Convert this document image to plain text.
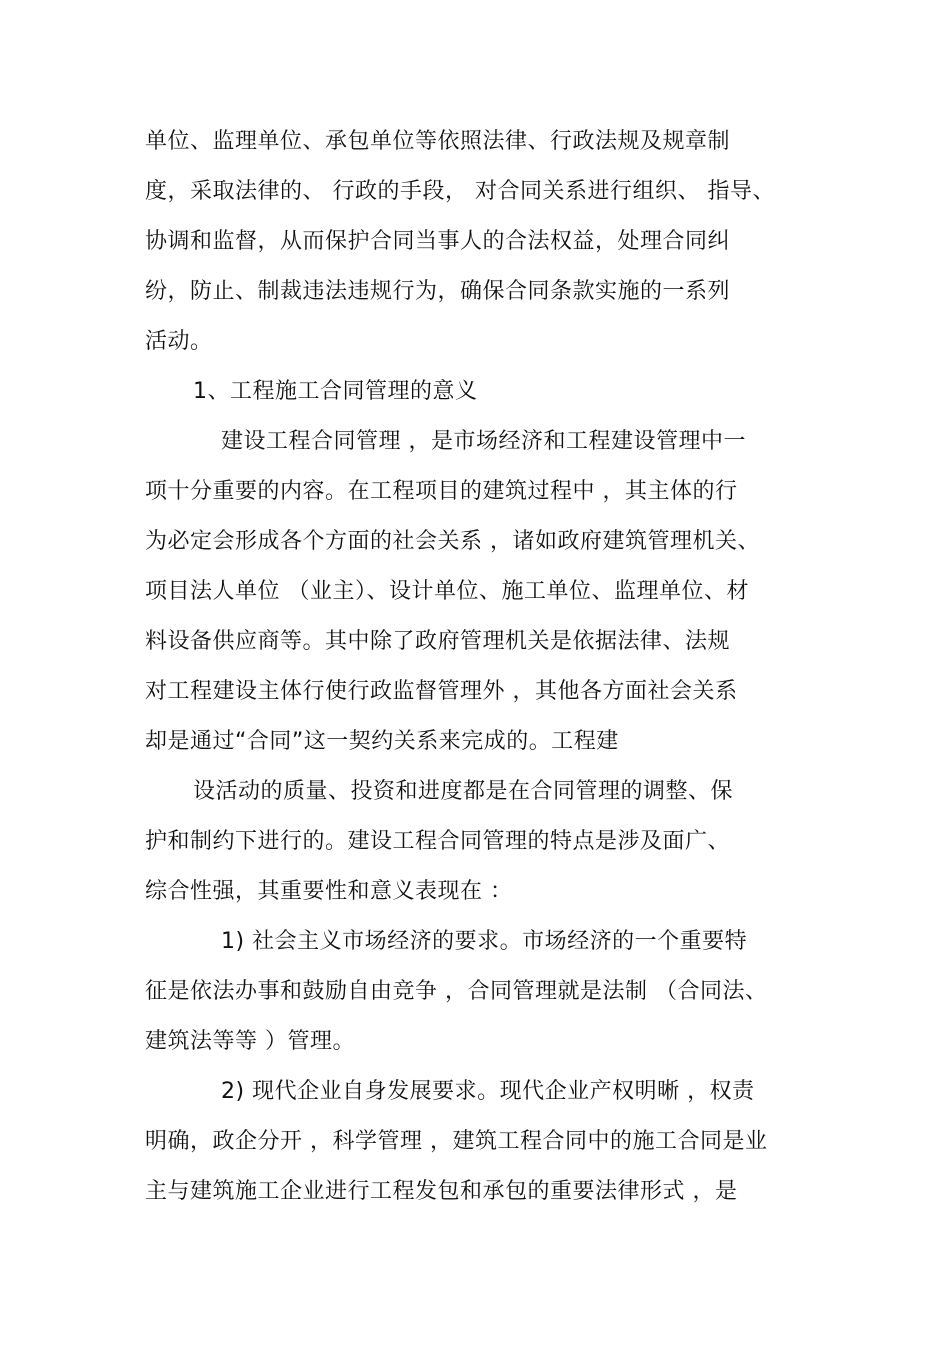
单位、监理单位、承包单位等依照法律、行政法规及规章制
度，采取法律的、 行政的手段， 对合同关系进行组织、 指导、
协调和监督，从而保护合同当事人的合法权益，处理合同纠
纷，防止、制裁违法违规行为，确保合同条款实施的一系列
活动。
1、工程施工合同管理的意义
建设工程合同管理 ，是市场经济和工程建设管理中一
项十分重要的内容。在工程项目的建筑过程中 ，其主体的行
为必定会形成各个方面的社会关系 ，诸如政府建筑管理机关、
项目法人单位 （业主）、设计单位、施工单位、监理单位、材
料设备供应商等。其中除了政府管理机关是依据法律、法规
对工程建设主体行使行政监督管理外 ，其他各方面社会关系
却是通过“合同”这一契约关系来完成的。工程建
设活动的质量、投资和进度都是在合同管理的调整、保
护和制约下进行的。建设工程合同管理的特点是涉及面广、
综合性强，其重要性和意义表现在 ：
1) 社会主义市场经济的要求。市场经济的一个重要特
征是依法办事和鼓励自由竞争 ，合同管理就是法制 （合同法、
建筑法等等 ）管理。
2) 现代企业自身发展要求。现代企业产权明晰 ，权责
明确，政企分开 ，科学管理 ，建筑工程合同中的施工合同是业
主与建筑施工企业进行工程发包和承包的重要法律形式 ，是
